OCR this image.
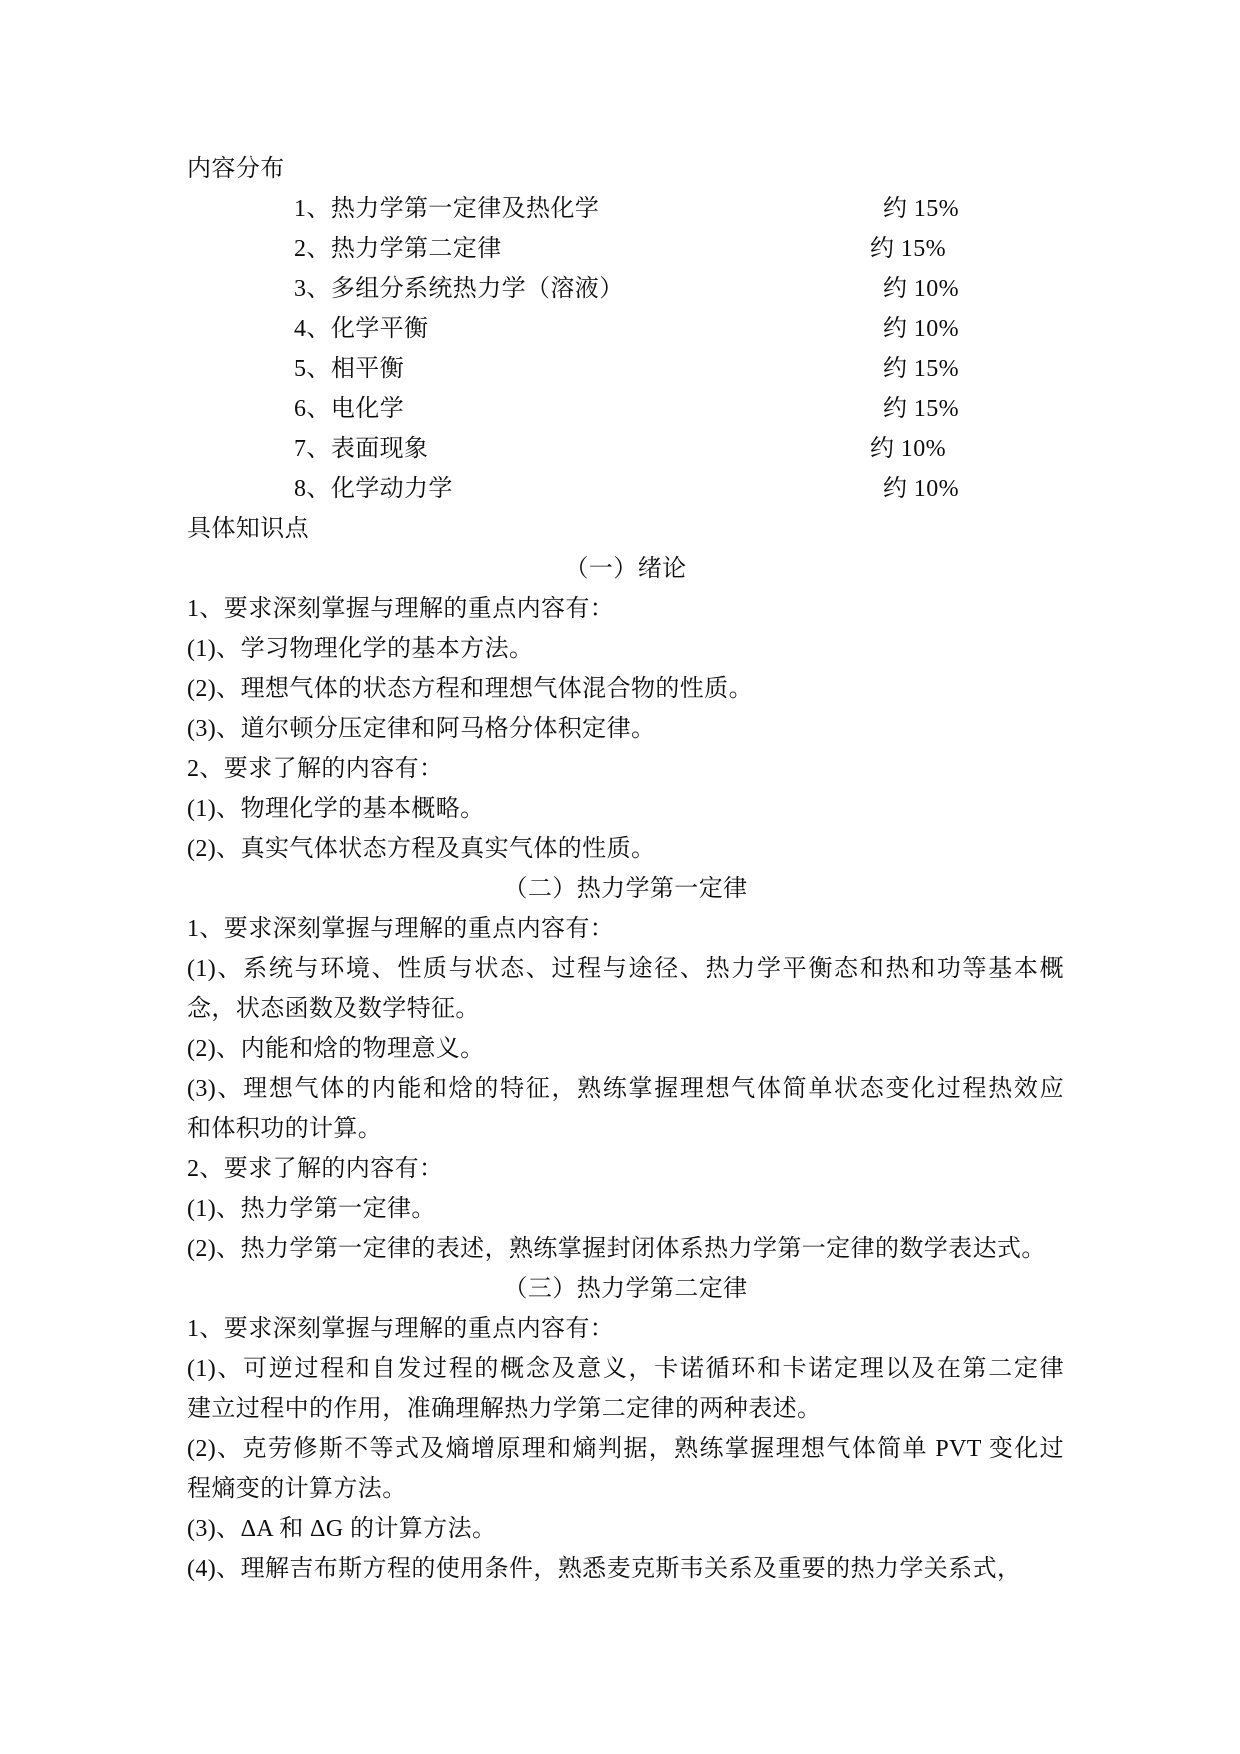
内容分布
1、热力学第一定律及热化学	约 15%
2、热力学第二定律	约 15%
3、多组分系统热力学（溶液）	约 10%
4、化学平衡	约 10%
5、相平衡	约 15%
6、电化学	约 15%
7、表面现象	约 10%
8、化学动力学	约 10%
具体知识点
（一）绪论
1、要求深刻掌握与理解的重点内容有：
(1)、学习物理化学的基本方法。
(2)、理想气体的状态方程和理想气体混合物的性质。
(3)、道尔顿分压定律和阿马格分体积定律。
2、要求了解的内容有：
(1)、物理化学的基本概略。
(2)、真实气体状态方程及真实气体的性质。
（二）热力学第一定律
1、要求深刻掌握与理解的重点内容有：
(1)、系统与环境、性质与状态、过程与途径、热力学平衡态和热和功等基本概
念，状态函数及数学特征。
(2)、内能和焓的物理意义。
(3)、理想气体的内能和焓的特征，熟练掌握理想气体简单状态变化过程热效应
和体积功的计算。
2、要求了解的内容有：
(1)、热力学第一定律。
(2)、热力学第一定律的表述，熟练掌握封闭体系热力学第一定律的数学表达式。
（三）热力学第二定律
1、要求深刻掌握与理解的重点内容有：
(1)、可逆过程和自发过程的概念及意义，卡诺循环和卡诺定理以及在第二定律
建立过程中的作用，准确理解热力学第二定律的两种表述。
(2)、克劳修斯不等式及熵增原理和熵判据，熟练掌握理想气体简单 PVT 变化过
程熵变的计算方法。
(3)、ΔA 和 ΔG 的计算方法。
(4)、理解吉布斯方程的使用条件，熟悉麦克斯韦关系及重要的热力学关系式，
